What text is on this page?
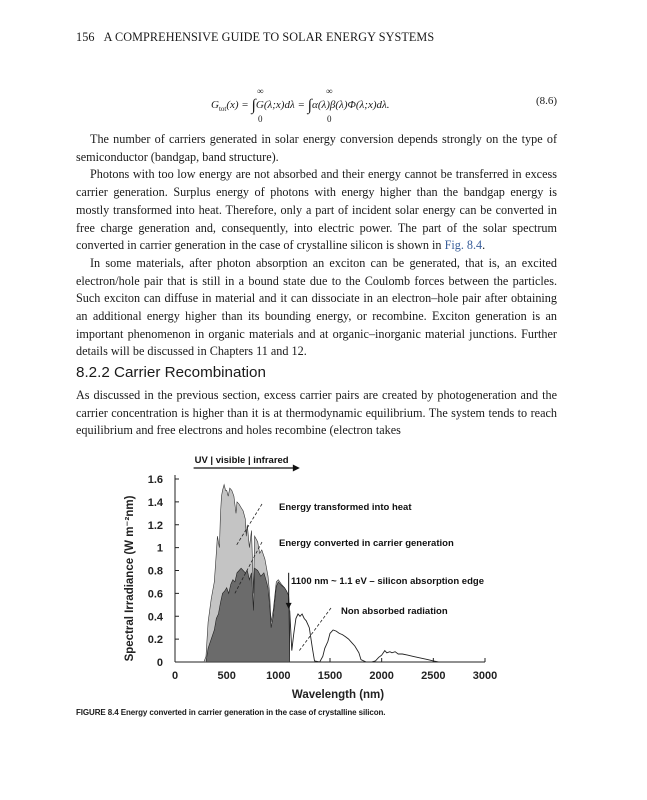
156 A COMPREHENSIVE GUIDE TO SOLAR ENERGY SYSTEMS
$G_{tot}(x)$ = ∫G(λ;x)dλ = ∫α(λ)β(λ)Φ(λ;x)dλ.
∞
0
∞
0
(8.6)

The number of carriers generated in solar energy conversion depends strongly on the type of semiconductor (bandgap, band structure).

Photons with too low energy are not absorbed and their energy cannot be transferred in excess carrier generation. Surplus energy of photons with energy higher than the bandgap energy is mostly transformed into heat. Therefore, only a part of incident solar energy can be converted in free charge generation and, consequently, into electric power. The part of the solar spectrum converted in carrier generation in the case of crystalline silicon is shown in Fig. 8.4.

In some materials, after photon absorption an exciton can be generated, that is, an excited electron/hole pair that is still in a bound state due to the Coulomb forces between the particles. Such exciton can diffuse in material and it can dissociate in an electron–hole pair after obtaining an additional energy higher than its bounding energy, or recombine. Exciton generation is an important phenomenon in organic materials and at organic–inorganic material junctions. Further details will be discussed in Chapters 11 and 12.

8.2.2 Carrier Recombination

As discussed in the previous section, excess carrier pairs are created by photogeneration and the carrier concentration is higher than it is at thermodynamic equilibrium. The system tends to reach equilibrium and free electrons and holes recombine (electron takes

0	500	1000 1500 2000 2500 3000
0
0.2
0.4
0.6
0.8
1
1.2
1.4
1.6
Wavelength (nm)
Spectral Irradiance (W m⁻²nm)
UV | visible | infrared
Energy transformed into heat
Energy converted in carrier generation
1100 nm ~ 1.1 eV – silicon absorption edge
Non absorbed radiation
FIGURE 8.4 Energy converted in carrier generation in the case of crystalline silicon.
